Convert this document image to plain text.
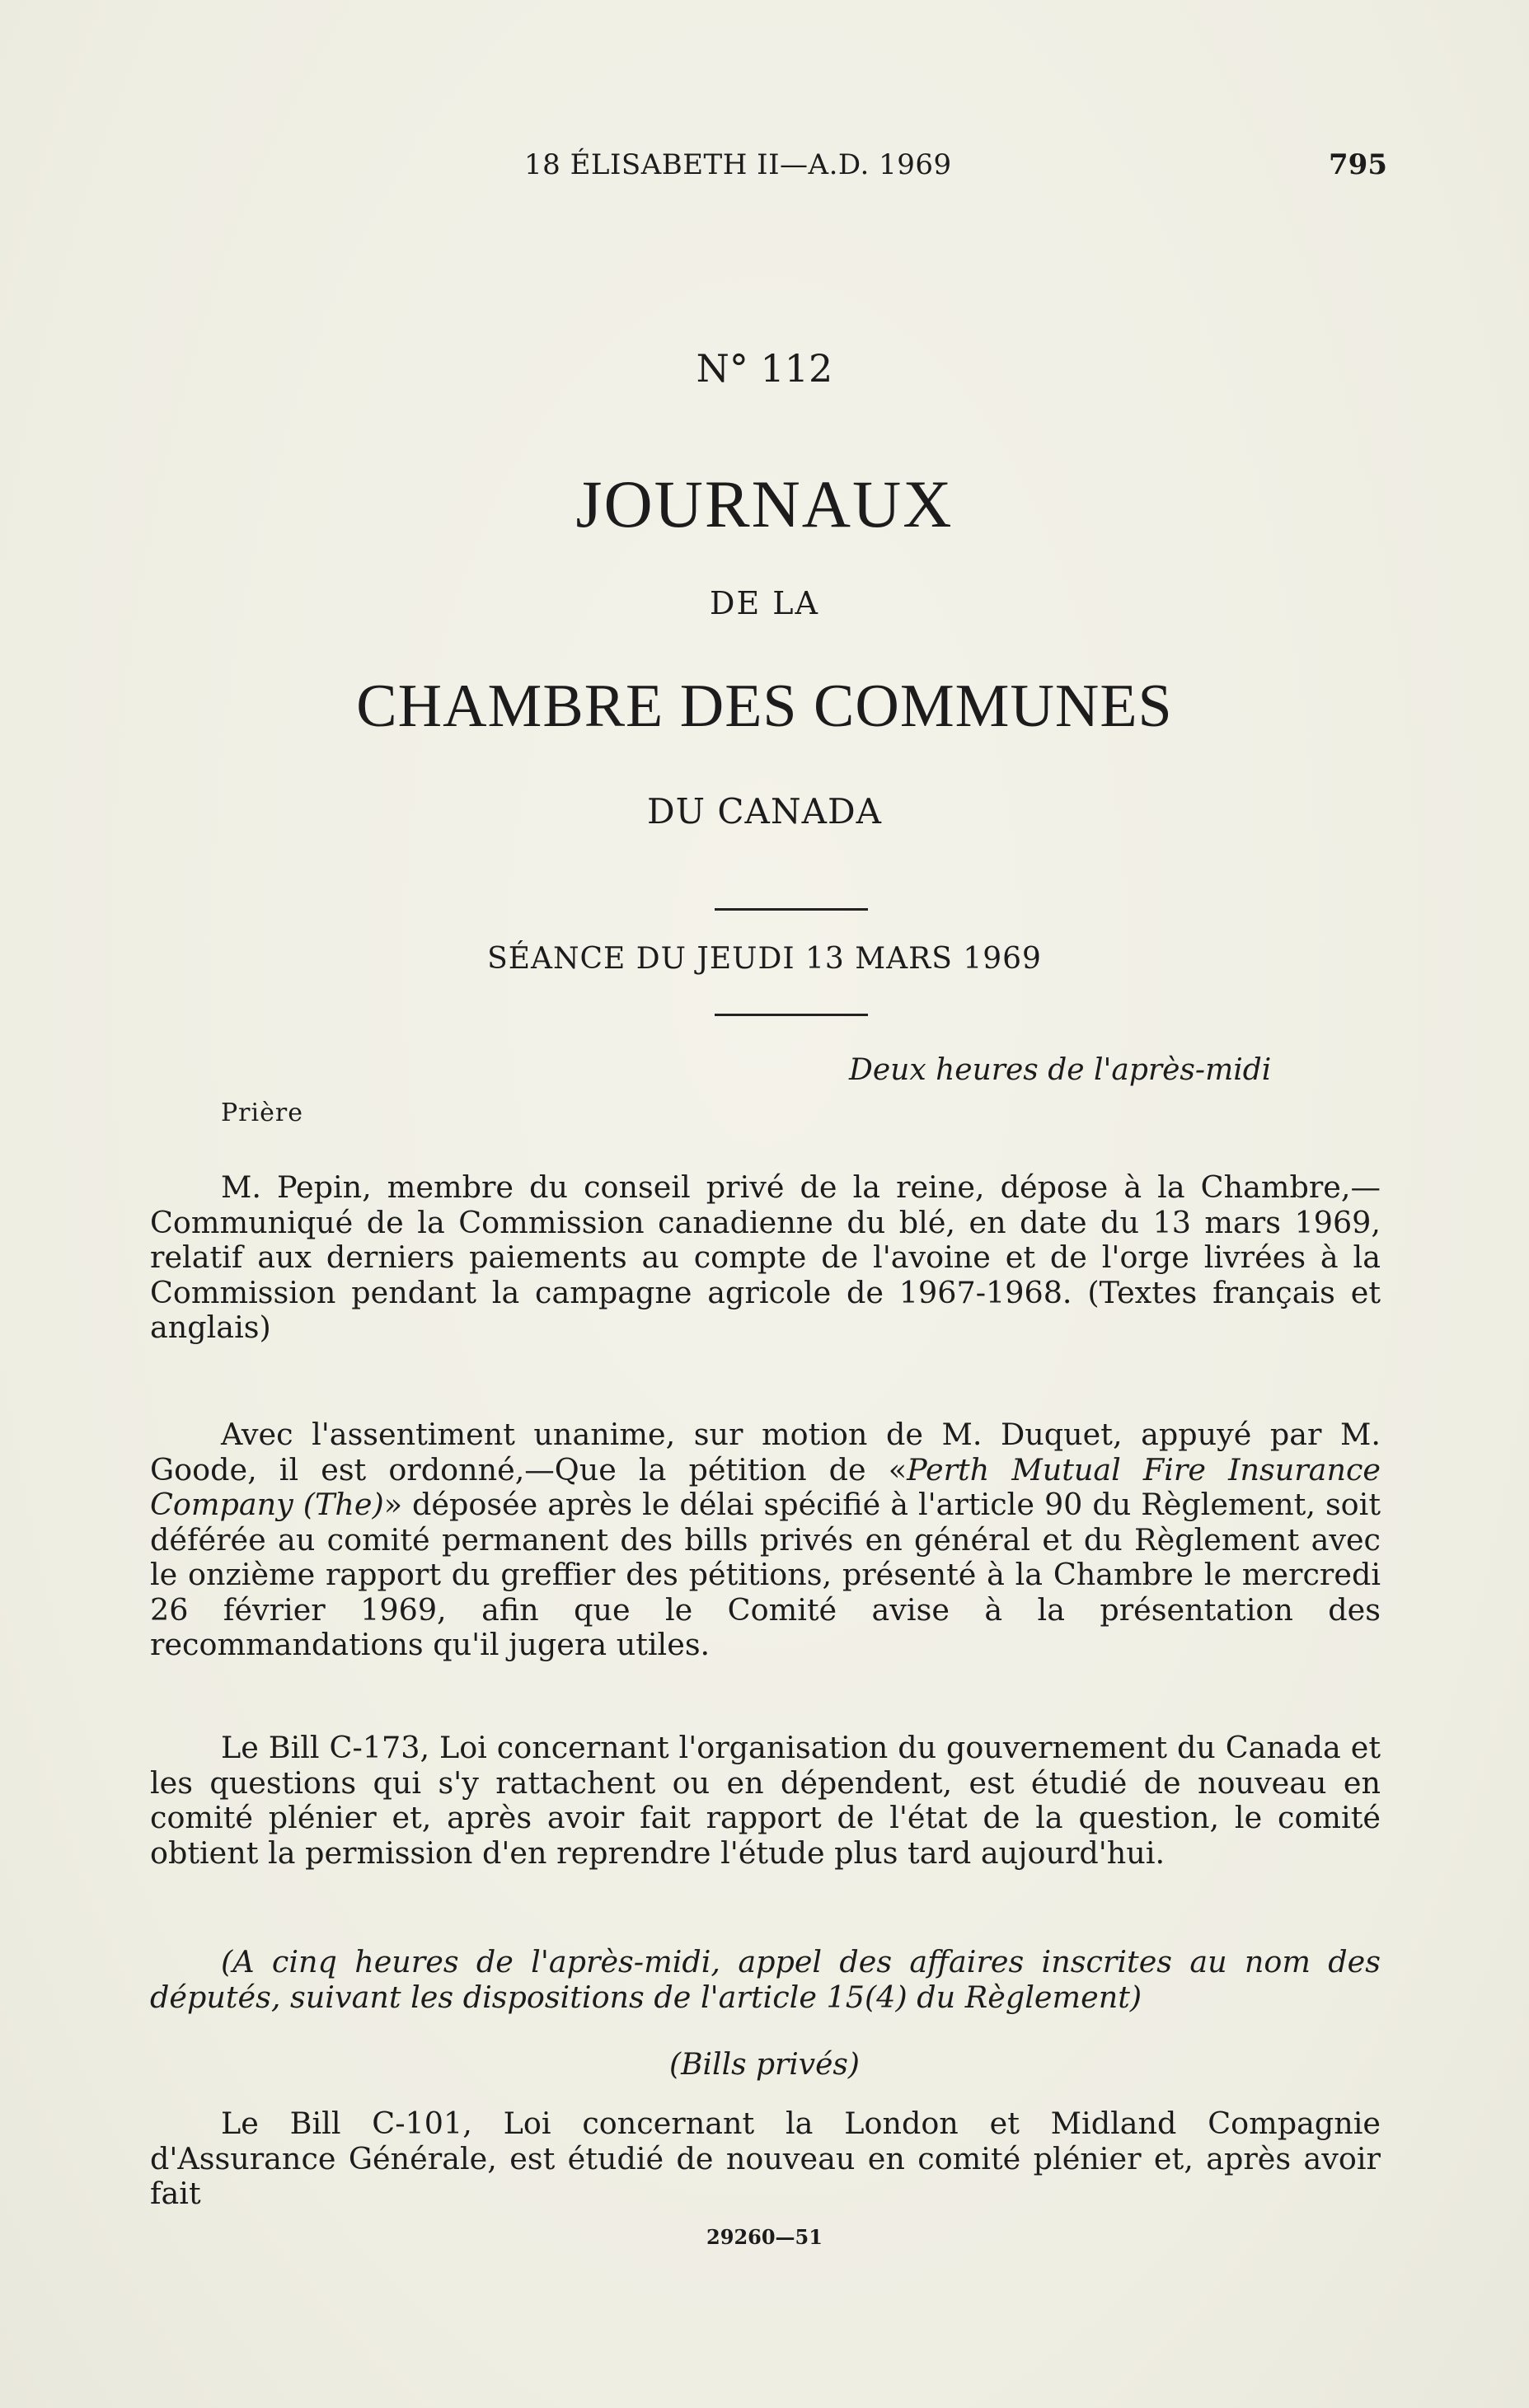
18 ÉLISABETH II—A.D. 1969	795
N° 112
JOURNAUX
DE LA
CHAMBRE DES COMMUNES
DU CANADA
SÉANCE DU JEUDI 13 MARS 1969
Deux heures de l'après-midi
Prière

M. Pepin, membre du conseil privé de la reine, dépose à la Chambre,—Communiqué de la Commission canadienne du blé, en date du 13 mars 1969, relatif aux derniers paiements au compte de l'avoine et de l'orge livrées à la Commission pendant la campagne agricole de 1967-1968. (Textes français et anglais)

Avec l'assentiment unanime, sur motion de M. Duquet, appuyé par M. Goode, il est ordonné,—Que la pétition de «Perth Mutual Fire Insurance Company (The)» déposée après le délai spécifié à l'article 90 du Règlement, soit déférée au comité permanent des bills privés en général et du Règlement avec le onzième rapport du greffier des pétitions, présenté à la Chambre le mercredi 26 février 1969, afin que le Comité avise à la présentation des recommandations qu'il jugera utiles.

Le Bill C-173, Loi concernant l'organisation du gouvernement du Canada et les questions qui s'y rattachent ou en dépendent, est étudié de nouveau en comité plénier et, après avoir fait rapport de l'état de la question, le comité obtient la permission d'en reprendre l'étude plus tard aujourd'hui.

(A cinq heures de l'après-midi, appel des affaires inscrites au nom des députés, suivant les dispositions de l'article 15(4) du Règlement)

(Bills privés)

Le Bill C-101, Loi concernant la London et Midland Compagnie d'Assurance Générale, est étudié de nouveau en comité plénier et, après avoir fait

29260—51
